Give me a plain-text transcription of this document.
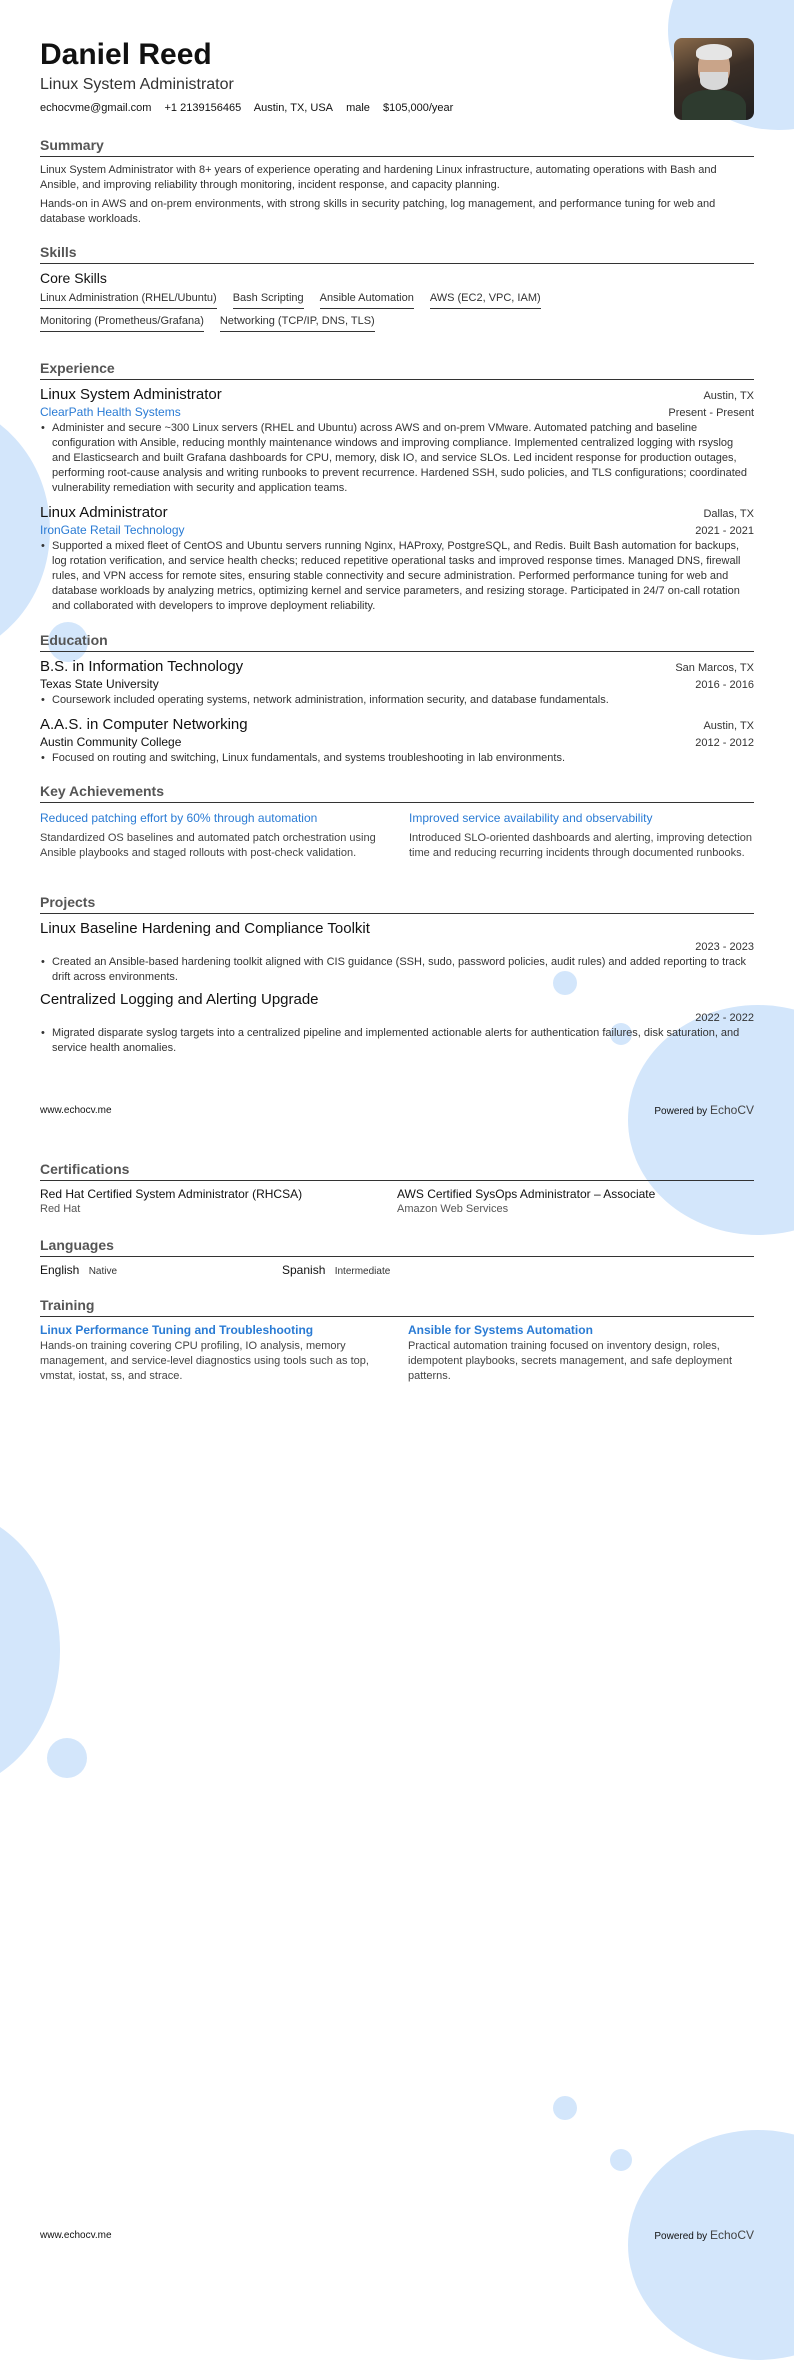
Daniel Reed
Linux System Administrator
echocvme@gmail.com +1 2139156465 Austin, TX, USA male $105,000/year
Summary

Linux System Administrator with 8+ years of experience operating and hardening Linux infrastructure, automating operations with Bash and Ansible, and improving reliability through monitoring, incident response, and capacity planning.

Hands-on in AWS and on-prem environments, with strong skills in security patching, log management, and performance tuning for web and database workloads.

Skills
Core Skills
Linux Administration (RHEL/Ubuntu) Bash Scripting Ansible Automation AWS (EC2, VPC, IAM)
Monitoring (Prometheus/Grafana) Networking (TCP/IP, DNS, TLS)
Experience
Linux System Administrator	Austin, TX
ClearPath Health Systems	Present - Present
• Administer and secure ~300 Linux servers (RHEL and Ubuntu) across AWS and on-prem VMware. Automated patching and baseline configuration with Ansible, reducing monthly maintenance windows and improving compliance. Implemented centralized logging with rsyslog and Elasticsearch and built Grafana dashboards for CPU, memory, disk IO, and service SLOs. Led incident response for production outages, performing root-cause analysis and writing runbooks to prevent recurrence. Hardened SSH, sudo policies, and TLS configurations; coordinated vulnerability remediation with security and application teams.
Linux Administrator	Dallas, TX
IronGate Retail Technology	2021 - 2021
• Supported a mixed fleet of CentOS and Ubuntu servers running Nginx, HAProxy, PostgreSQL, and Redis. Built Bash automation for backups, log rotation verification, and service health checks; reduced repetitive operational tasks and improved response times. Managed DNS, firewall rules, and VPN access for remote sites, ensuring stable connectivity and secure administration. Performed performance tuning for web and database workloads by analyzing metrics, optimizing kernel and service parameters, and resizing storage. Participated in 24/7 on-call rotation and collaborated with developers to improve deployment reliability.
Education
B.S. in Information Technology	San Marcos, TX
Texas State University	2016 - 2016
• Coursework included operating systems, network administration, information security, and database fundamentals.
A.A.S. in Computer Networking	Austin, TX
Austin Community College	2012 - 2012
• Focused on routing and switching, Linux fundamentals, and systems troubleshooting in lab environments.
Key Achievements
Reduced patching effort by 60% through automation
Standardized OS baselines and automated patch orchestration using Ansible playbooks and staged rollouts with post-check validation.
Improved service availability and observability
Introduced SLO-oriented dashboards and alerting, improving detection time and reducing recurring incidents through documented runbooks.
Projects
Linux Baseline Hardening and Compliance Toolkit
2023 - 2023
• Created an Ansible-based hardening toolkit aligned with CIS guidance (SSH, sudo, password policies, audit rules) and added reporting to track drift across environments.
Centralized Logging and Alerting Upgrade
2022 - 2022
• Migrated disparate syslog targets into a centralized pipeline and implemented actionable alerts for authentication failures, disk saturation, and service health anomalies.
www.echocv.me	Powered by EchoCV
Certifications
Red Hat Certified System Administrator (RHCSA)
Red Hat
AWS Certified SysOps Administrator – Associate
Amazon Web Services
Languages
English Native	Spanish Intermediate
Training
Linux Performance Tuning and Troubleshooting
Hands-on training covering CPU profiling, IO analysis, memory management, and service-level diagnostics using tools such as top, vmstat, iostat, ss, and strace.
Ansible for Systems Automation
Practical automation training focused on inventory design, roles, idempotent playbooks, secrets management, and safe deployment patterns.
www.echocv.me	Powered by EchoCV
